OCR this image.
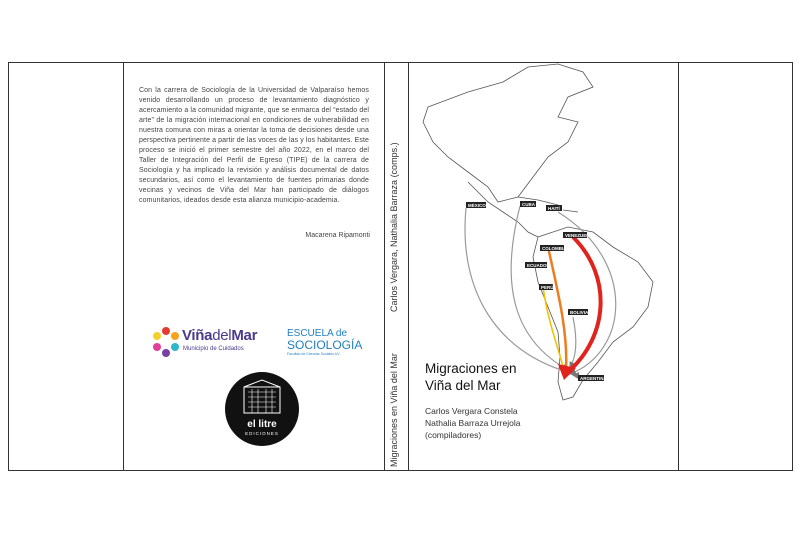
Con la carrera de Sociología de la Universidad de Valparaíso hemos venido desarrollando un proceso de levantamiento diagnóstico y acercamiento a la comunidad migrante, que se enmarca del “estado del arte” de la migración internacional en condiciones de vulnerabilidad en nuestra comuna con miras a orientar la toma de decisiones desde una perspectiva pertinente a partir de las voces de las y los habitantes. Este proceso se inició el primer semestre del año 2022, en el marco del Taller de Integración del Perfil de Egreso (TIPE) de la carrera de Sociología y ha implicado la revisión y análisis documental de datos secundarios, así como el levantamiento de fuentes primarias donde vecinas y vecinos de Viña del Mar han participado de diálogos comunitarios, ideados desde esta alianza municipio-academia.
Macarena Ripamonti
ViñadelMar
Municipio de Cuidados
ESCUELA de
SOCIOLOGÍA
Facultad de Ciencias Sociales UV
el litre
EDICIONES
Carlos Vergara, Nathalia Barraza (comps.)
Migraciones en Viña del Mar
MÉXICO	CUBA
HAITÍ
VENEZUELA
COLOMBIA
ECUADOR
PERÚ
BOLIVIA
ARGENTINA
Migraciones en
Viña del Mar
Carlos Vergara Constela
Nathalia Barraza Urrejola
(compiladores)
